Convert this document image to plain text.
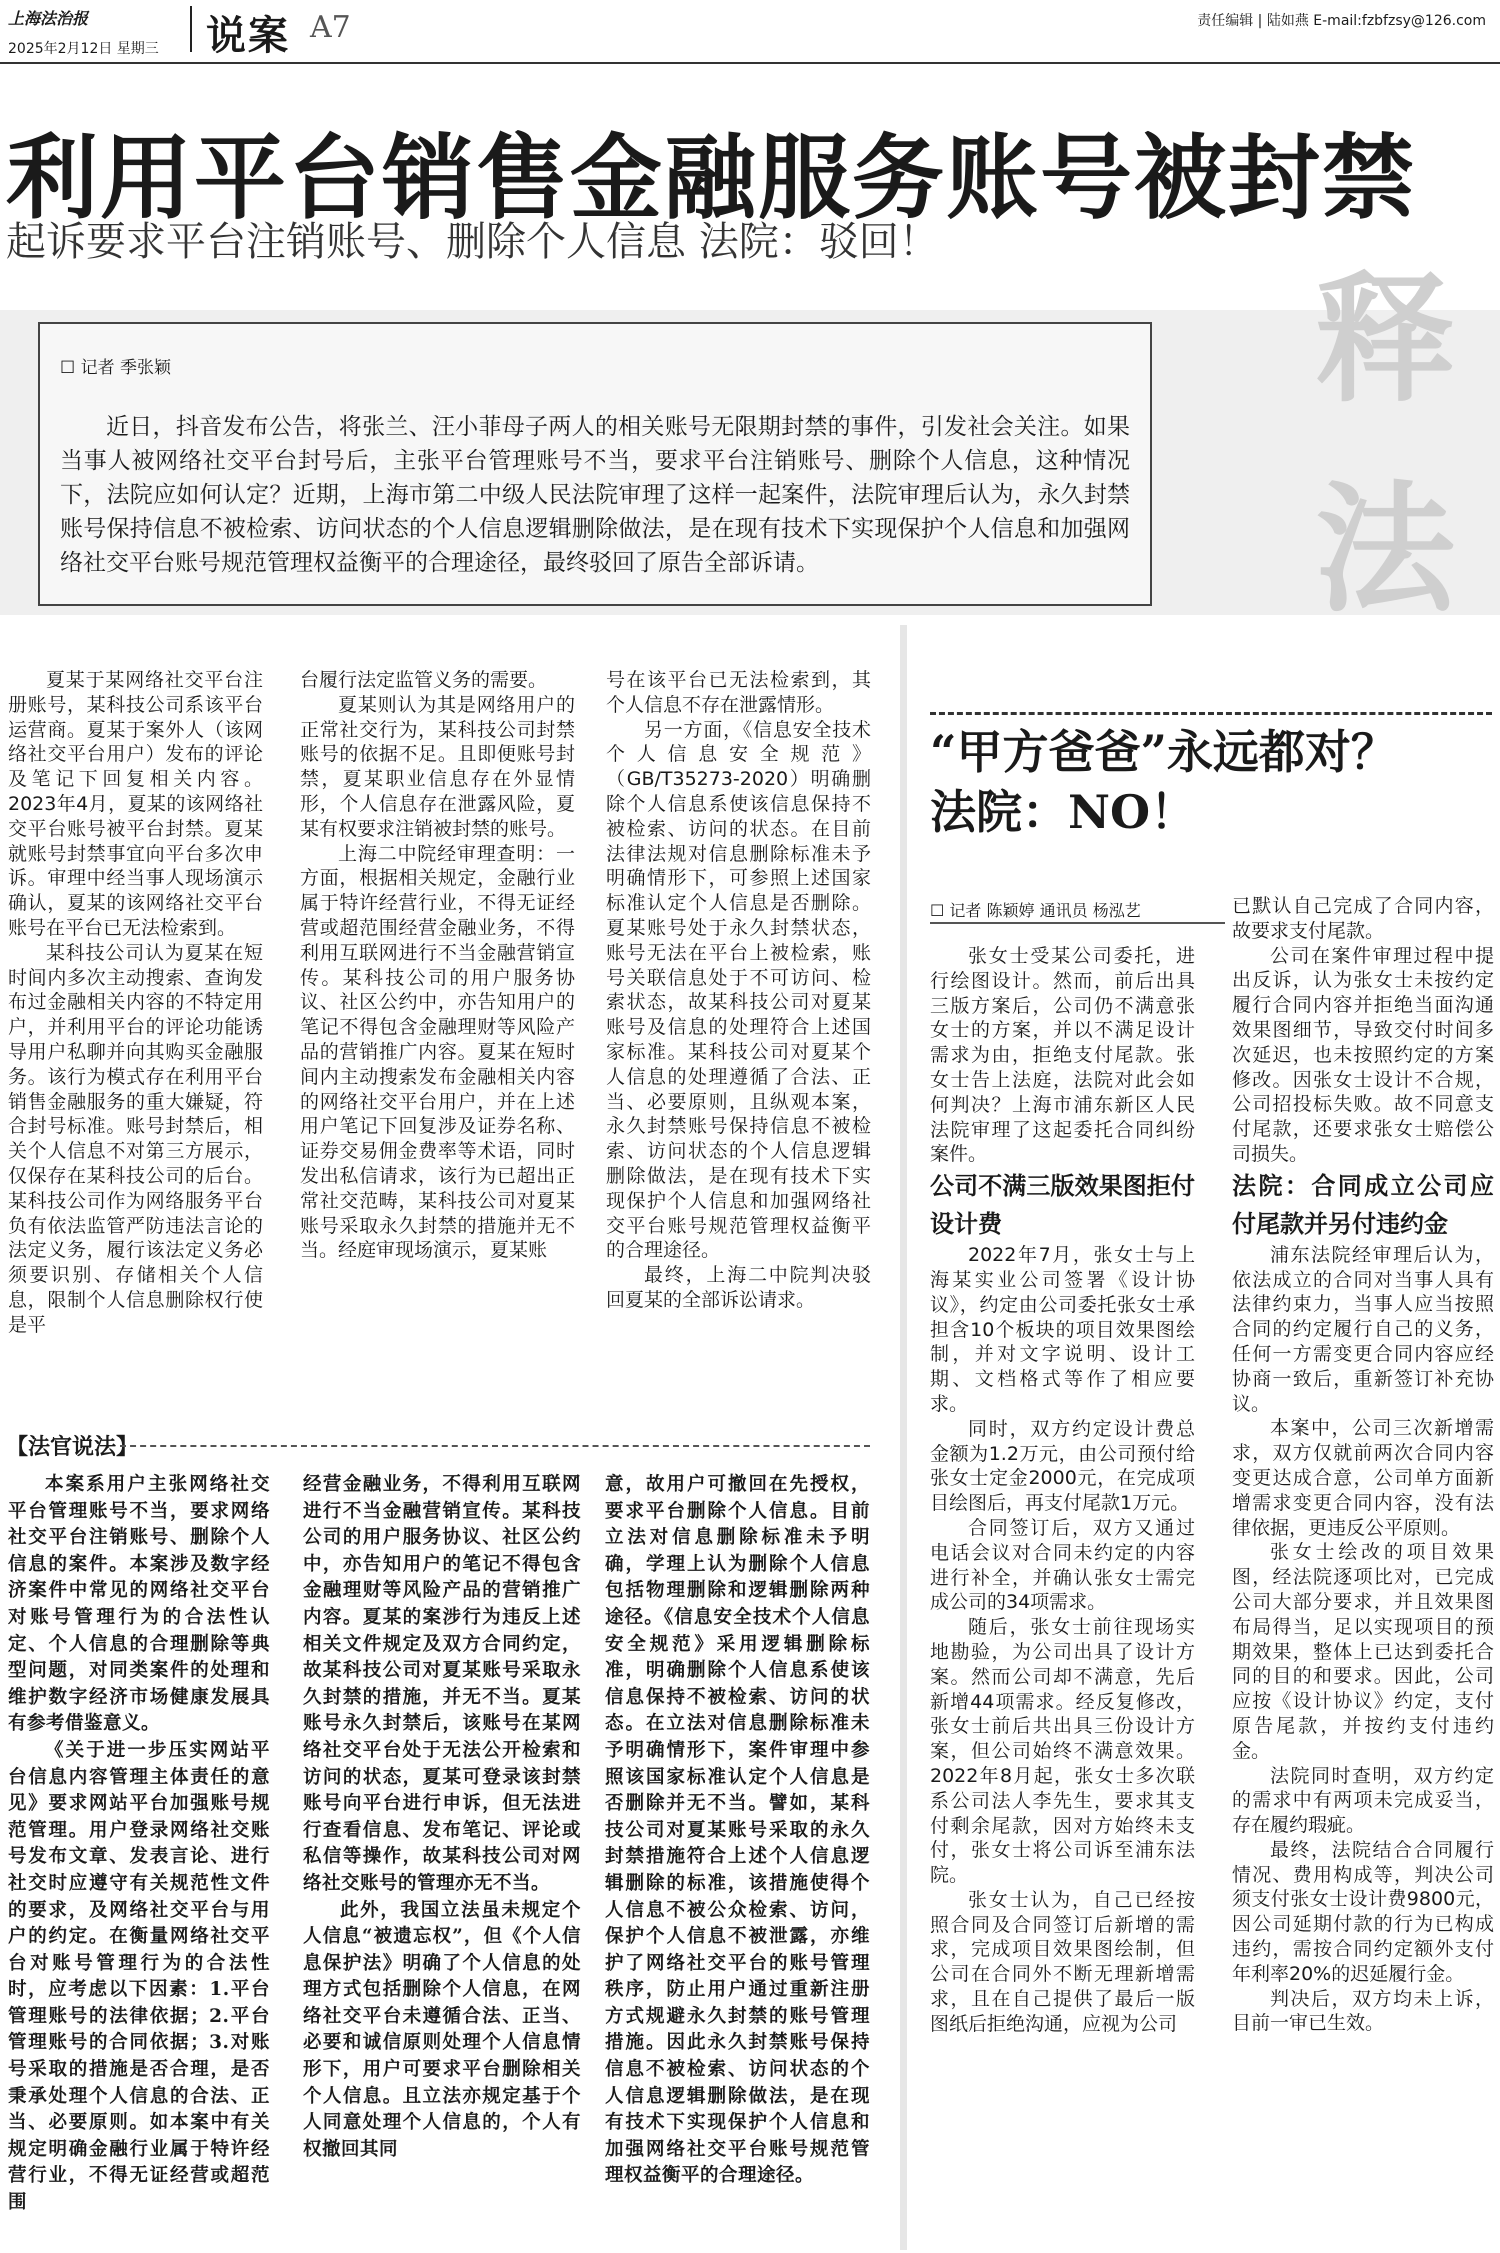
上海法治报
2025年2月12日 星期三 说案 A7	责任编辑 | 陆如燕 E-mail:fzbfzsy@126.com
利用平台销售金融服务账号被封禁
起诉要求平台注销账号、删除个人信息 法院：驳回！
☐ 记者 季张颖
近日，抖音发布公告，将张兰、汪小菲母子两人的相关账号无限期封禁的事件，引发社会关注。如果当事人被网络社交平台封号后，主张平台管理账号不当，要求平台注销账号、删除个人信息，这种情况下，法院应如何认定？近期，上海市第二中级人民法院审理了这样一起案件，法院审理后认为，永久封禁账号保持信息不被检索、访问状态的个人信息逻辑删除做法，是在现有技术下实现保护个人信息和加强网络社交平台账号规范管理权益衡平的合理途径，最终驳回了原告全部诉请。
释
法

夏某于某网络社交平台注册账号，某科技公司系该平台运营商。夏某于案外人（该网络社交平台用户）发布的评论及笔记下回复相关内容。2023年4月，夏某的该网络社交平台账号被平台封禁。夏某就账号封禁事宜向平台多次申诉。审理中经当事人现场演示确认，夏某的该网络社交平台账号在平台已无法检索到。

某科技公司认为夏某在短时间内多次主动搜索、查询发布过金融相关内容的不特定用户，并利用平台的评论功能诱导用户私聊并向其购买金融服务。该行为模式存在利用平台销售金融服务的重大嫌疑，符合封号标准。账号封禁后，相关个人信息不对第三方展示，仅保存在某科技公司的后台。某科技公司作为网络服务平台负有依法监管严防违法言论的法定义务，履行该法定义务必须要识别、存储相关个人信息，限制个人信息删除权行使是平

台履行法定监管义务的需要。

夏某则认为其是网络用户的正常社交行为，某科技公司封禁账号的依据不足。且即便账号封禁，夏某职业信息存在外显情形，个人信息存在泄露风险，夏某有权要求注销被封禁的账号。

上海二中院经审理查明：一方面，根据相关规定，金融行业属于特许经营行业，不得无证经营或超范围经营金融业务，不得利用互联网进行不当金融营销宣传。某科技公司的用户服务协议、社区公约中，亦告知用户的笔记不得包含金融理财等风险产品的营销推广内容。夏某在短时间内主动搜索发布金融相关内容的网络社交平台用户，并在上述用户笔记下回复涉及证券名称、证券交易佣金费率等术语，同时发出私信请求，该行为已超出正常社交范畴，某科技公司对夏某账号采取永久封禁的措施并无不当。经庭审现场演示，夏某账

号在该平台已无法检索到，其个人信息不存在泄露情形。

另一方面，《信息安全技术个人信息安全规范》（GB/T35273-2020）明确删除个人信息系使该信息保持不被检索、访问的状态。在目前法律法规对信息删除标准未予明确情形下，可参照上述国家标准认定个人信息是否删除。夏某账号处于永久封禁状态，账号无法在平台上被检索，账号关联信息处于不可访问、检索状态，故某科技公司对夏某账号及信息的处理符合上述国家标准。某科技公司对夏某个人信息的处理遵循了合法、正当、必要原则，且纵观本案，永久封禁账号保持信息不被检索、访问状态的个人信息逻辑删除做法，是在现有技术下实现保护个人信息和加强网络社交平台账号规范管理权益衡平的合理途径。

最终，上海二中院判决驳回夏某的全部诉讼请求。

【法官说法】

本案系用户主张网络社交平台管理账号不当，要求网络社交平台注销账号、删除个人信息的案件。本案涉及数字经济案件中常见的网络社交平台对账号管理行为的合法性认定、个人信息的合理删除等典型问题，对同类案件的处理和维护数字经济市场健康发展具有参考借鉴意义。

《关于进一步压实网站平台信息内容管理主体责任的意见》要求网站平台加强账号规范管理。用户登录网络社交账号发布文章、发表言论、进行社交时应遵守有关规范性文件的要求，及网络社交平台与用户的约定。在衡量网络社交平台对账号管理行为的合法性时，应考虑以下因素：1.平台管理账号的法律依据；2.平台管理账号的合同依据；3.对账号采取的措施是否合理，是否秉承处理个人信息的合法、正当、必要原则。如本案中有关规定明确金融行业属于特许经营行业，不得无证经营或超范围

经营金融业务，不得利用互联网进行不当金融营销宣传。某科技公司的用户服务协议、社区公约中，亦告知用户的笔记不得包含金融理财等风险产品的营销推广内容。夏某的案涉行为违反上述相关文件规定及双方合同约定，故某科技公司对夏某账号采取永久封禁的措施，并无不当。夏某账号永久封禁后，该账号在某网络社交平台处于无法公开检索和访问的状态，夏某可登录该封禁账号向平台进行申诉，但无法进行查看信息、发布笔记、评论或私信等操作，故某科技公司对网络社交账号的管理亦无不当。

此外，我国立法虽未规定个人信息“被遗忘权”，但《个人信息保护法》明确了个人信息的处理方式包括删除个人信息，在网络社交平台未遵循合法、正当、必要和诚信原则处理个人信息情形下，用户可要求平台删除相关个人信息。且立法亦规定基于个人同意处理个人信息的，个人有权撤回其同

意，故用户可撤回在先授权，要求平台删除个人信息。目前立法对信息删除标准未予明确，学理上认为删除个人信息包括物理删除和逻辑删除两种途径。《信息安全技术个人信息安全规范》采用逻辑删除标准，明确删除个人信息系使该信息保持不被检索、访问的状态。在立法对信息删除标准未予明确情形下，案件审理中参照该国家标准认定个人信息是否删除并无不当。譬如，某科技公司对夏某账号采取的永久封禁措施符合上述个人信息逻辑删除的标准，该措施使得个人信息不被公众检索、访问，保护个人信息不被泄露，亦维护了网络社交平台的账号管理秩序，防止用户通过重新注册方式规避永久封禁的账号管理措施。因此永久封禁账号保持信息不被检索、访问状态的个人信息逻辑删除做法，是在现有技术下实现保护个人信息和加强网络社交平台账号规范管理权益衡平的合理途径。

“甲方爸爸”永远都对？
法院：NO！
☐ 记者 陈颖婷 通讯员 杨泓艺

张女士受某公司委托，进行绘图设计。然而，前后出具三版方案后，公司仍不满意张女士的方案，并以不满足设计需求为由，拒绝支付尾款。张女士告上法庭，法院对此会如何判决？上海市浦东新区人民法院审理了这起委托合同纠纷案件。

公司不满三版效果图拒付设计费

2022年7月，张女士与上海某实业公司签署《设计协议》，约定由公司委托张女士承担含10个板块的项目效果图绘制，并对文字说明、设计工期、文档格式等作了相应要求。

同时，双方约定设计费总金额为1.2万元，由公司预付给张女士定金2000元，在完成项目绘图后，再支付尾款1万元。

合同签订后，双方又通过电话会议对合同未约定的内容进行补全，并确认张女士需完成公司的34项需求。

随后，张女士前往现场实地勘验，为公司出具了设计方案。然而公司却不满意，先后新增44项需求。经反复修改，张女士前后共出具三份设计方案，但公司始终不满意效果。2022年8月起，张女士多次联系公司法人李先生，要求其支付剩余尾款，因对方始终未支付，张女士将公司诉至浦东法院。

张女士认为，自己已经按照合同及合同签订后新增的需求，完成项目效果图绘制，但公司在合同外不断无理新增需求，且在自己提供了最后一版图纸后拒绝沟通，应视为公司

已默认自己完成了合同内容，故要求支付尾款。

公司在案件审理过程中提出反诉，认为张女士未按约定履行合同内容并拒绝当面沟通效果图细节，导致交付时间多次延迟，也未按照约定的方案修改。因张女士设计不合规，公司招投标失败。故不同意支付尾款，还要求张女士赔偿公司损失。

法院：合同成立公司应付尾款并另付违约金

浦东法院经审理后认为，依法成立的合同对当事人具有法律约束力，当事人应当按照合同的约定履行自己的义务，任何一方需变更合同内容应经协商一致后，重新签订补充协议。

本案中，公司三次新增需求，双方仅就前两次合同内容变更达成合意，公司单方面新增需求变更合同内容，没有法律依据，更违反公平原则。

张女士绘改的项目效果图，经法院逐项比对，已完成公司大部分要求，并且效果图布局得当，足以实现项目的预期效果，整体上已达到委托合同的目的和要求。因此，公司应按《设计协议》约定，支付原告尾款，并按约支付违约金。

法院同时查明，双方约定的需求中有两项未完成妥当，存在履约瑕疵。

最终，法院结合合同履行情况、费用构成等，判决公司须支付张女士设计费9800元，因公司延期付款的行为已构成违约，需按合同约定额外支付年利率20%的迟延履行金。

判决后，双方均未上诉，目前一审已生效。
